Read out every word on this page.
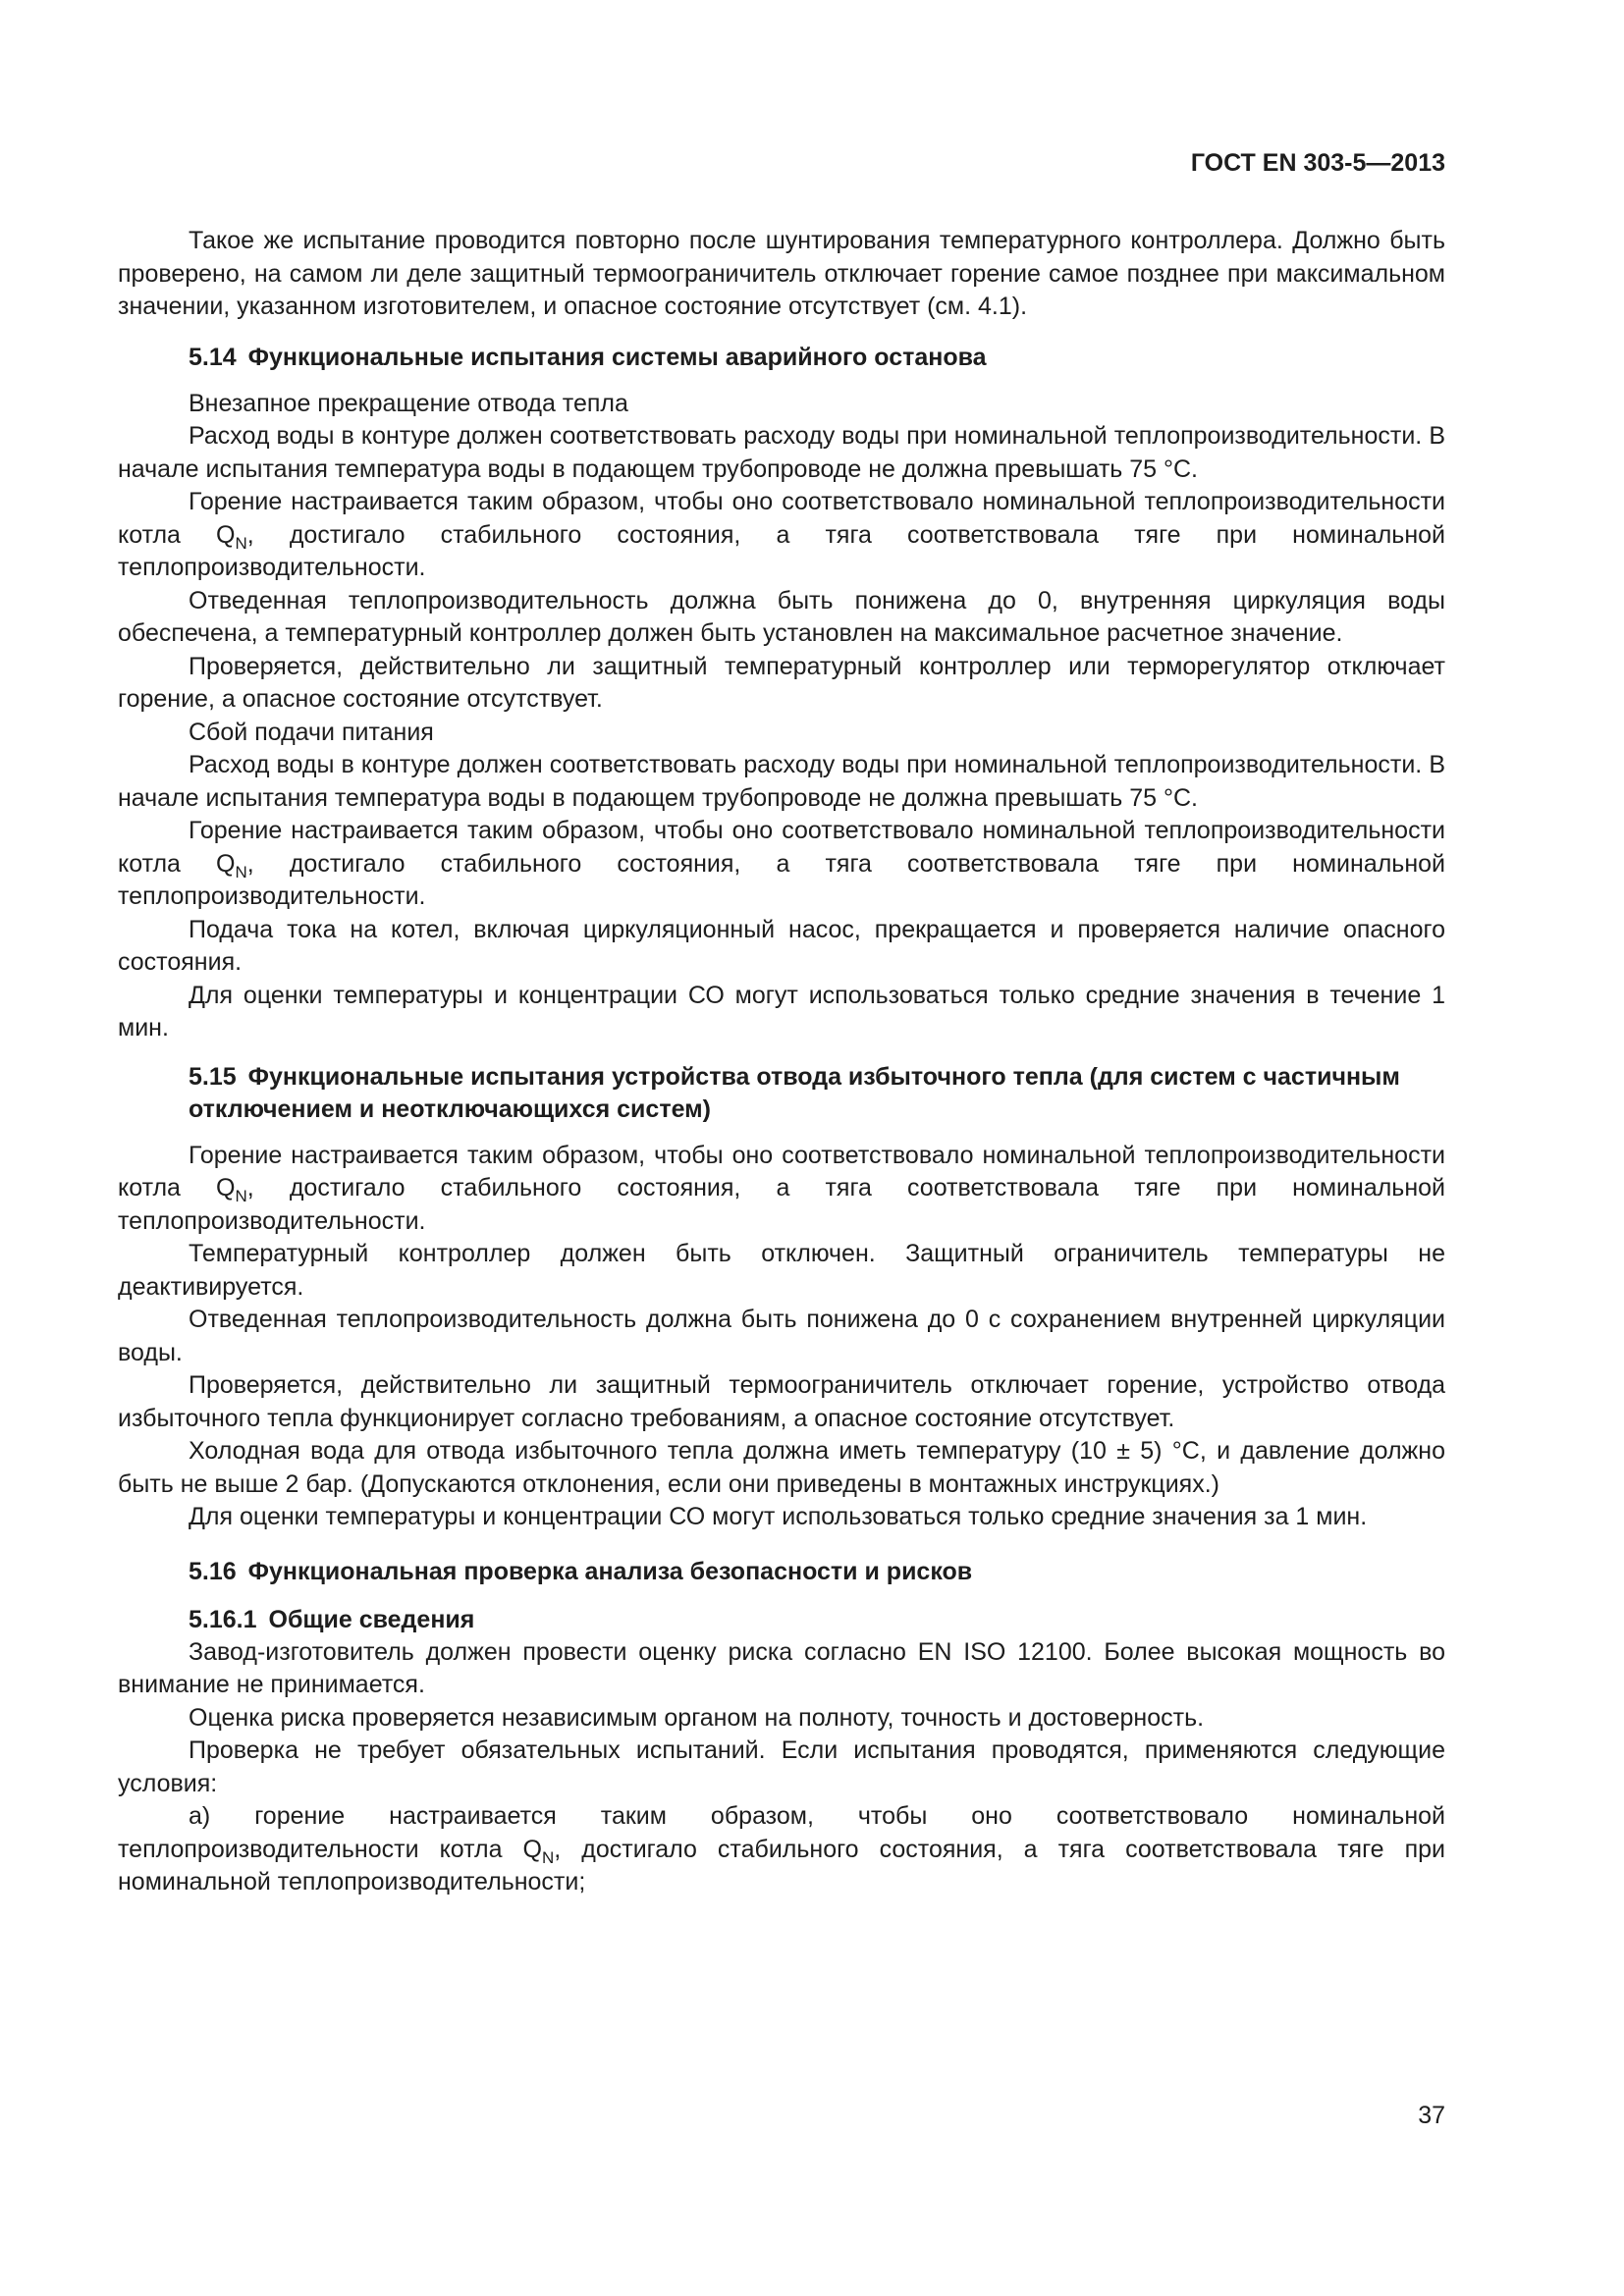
ГОСТ EN 303-5—2013

Такое же испытание проводится повторно после шунтирования температурного контроллера. Должно быть проверено, на самом ли деле защитный термоограничитель отключает горение самое позднее при максимальном значении, указанном изготовителем, и опасное состояние отсутствует (см. 4.1).

5.14 Функциональные испытания системы аварийного останова

Внезапное прекращение отвода тепла

Расход воды в контуре должен соответствовать расходу воды при номинальной теплопроизводительности. В начале испытания температура воды в подающем трубопроводе не должна превышать 75 °С.

Горение настраивается таким образом, чтобы оно соответствовало номинальной теплопроизводительности котла $Q_N$, достигало стабильного состояния, а тяга соответствовала тяге при номинальной теплопроизводительности.

Отведенная теплопроизводительность должна быть понижена до 0, внутренняя циркуляция воды обеспечена, а температурный контроллер должен быть установлен на максимальное расчетное значение.

Проверяется, действительно ли защитный температурный контроллер или терморегулятор отключает горение, а опасное состояние отсутствует.

Сбой подачи питания

Расход воды в контуре должен соответствовать расходу воды при номинальной теплопроизводительности. В начале испытания температура воды в подающем трубопроводе не должна превышать 75 °С.

Горение настраивается таким образом, чтобы оно соответствовало номинальной теплопроизводительности котла $Q_N$, достигало стабильного состояния, а тяга соответствовала тяге при номинальной теплопроизводительности.

Подача тока на котел, включая циркуляционный насос, прекращается и проверяется наличие опасного состояния.

Для оценки температуры и концентрации СО могут использоваться только средние значения в течение 1 мин.

5.15 Функциональные испытания устройства отвода избыточного тепла (для систем с частичным отключением и неотключающихся систем)

Горение настраивается таким образом, чтобы оно соответствовало номинальной теплопроизводительности котла $Q_N$, достигало стабильного состояния, а тяга соответствовала тяге при номинальной теплопроизводительности.

Температурный контроллер должен быть отключен. Защитный ограничитель температуры не деактивируется.

Отведенная теплопроизводительность должна быть понижена до 0 с сохранением внутренней циркуляции воды.

Проверяется, действительно ли защитный термоограничитель отключает горение, устройство отвода избыточного тепла функционирует согласно требованиям, а опасное состояние отсутствует.

Холодная вода для отвода избыточного тепла должна иметь температуру (10 ± 5) °С, и давление должно быть не выше 2 бар. (Допускаются отклонения, если они приведены в монтажных инструкциях.)

Для оценки температуры и концентрации СО могут использоваться только средние значения за 1 мин.

5.16 Функциональная проверка анализа безопасности и рисков
5.16.1 Общие сведения

Завод-изготовитель должен провести оценку риска согласно EN ISO 12100. Более высокая мощность во внимание не принимается.

Оценка риска проверяется независимым органом на полноту, точность и достоверность.

Проверка не требует обязательных испытаний. Если испытания проводятся, применяются следующие условия:

а) горение настраивается таким образом, чтобы оно соответствовало номинальной теплопроизводительности котла $Q_N$, достигало стабильного состояния, а тяга соответствовала тяге при номинальной теплопроизводительности;

37
